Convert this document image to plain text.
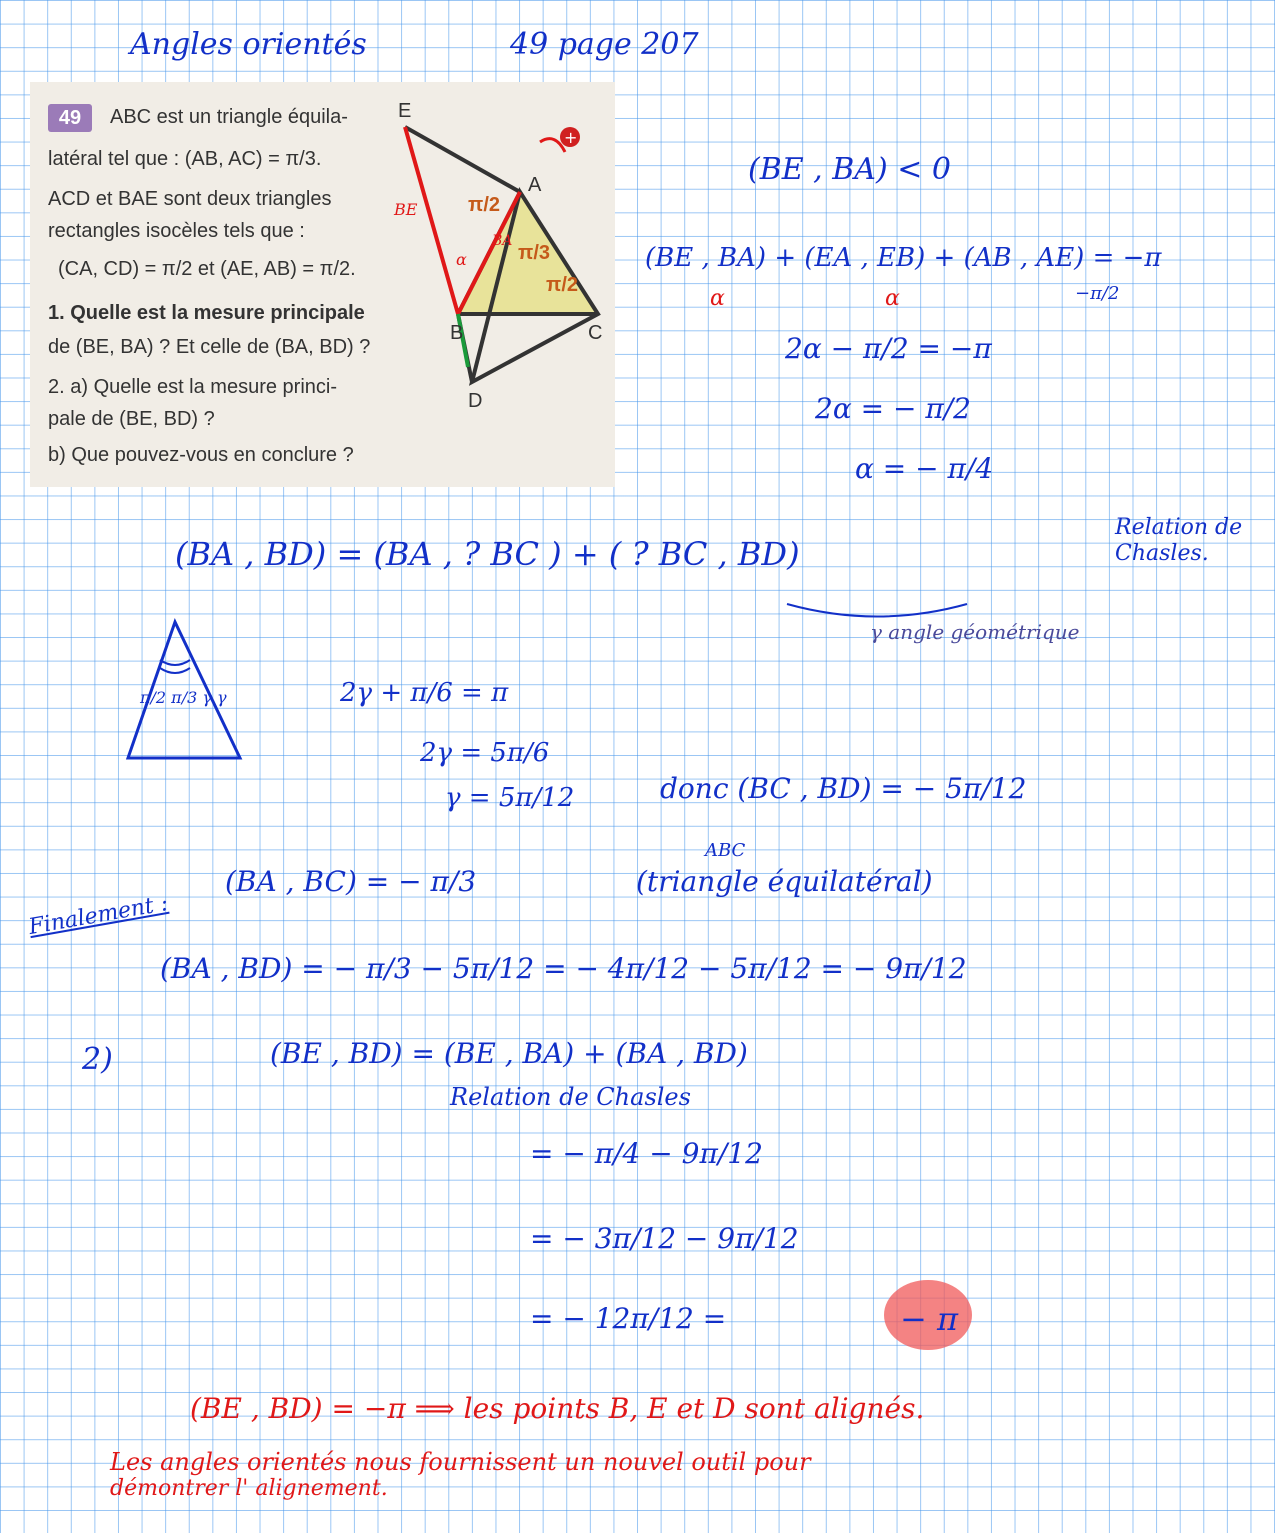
Angles orientés	49 page 207
49	ABC est un triangle équila-
latéral tel que : (AB, AC) = π/3.
ACD et BAE sont deux triangles
rectangles isocèles tels que :
(CA, CD) = π/2 et (AE, AB) = π/2.
1. Quelle est la mesure principale
de (BE, BA) ? Et celle de (BA, BD) ?
2. a) Quelle est la mesure princi-
pale de (BE, BD) ?
b) Que pouvez-vous en conclure ?
+
E
A
B	C
D
π/2
π/3
π/2
BE
BA
α
(BE , BA) < 0
(BE , BA) + (EA , EB) + (AB , AE) = −π
α	α	−π/2
2α − π/2 = −π
2α = − π/2
α = − π/4
(BA , BD) = (BA , ? BC ) + ( ? BC , BD)
Relation de Chasles.
γ angle géométrique
π/2 π/3 γ γ	2γ + π/6 = π
2γ = 5π/6
γ = 5π/12	donc (BC , BD) = − 5π/12
(BA , BC) = − π/3
ABC
(triangle équilatéral)
Finalement :
(BA , BD) = − π/3 − 5π/12 = − 4π/12 − 5π/12 = − 9π/12
2)	(BE , BD) = (BE , BA) + (BA , BD)
Relation de Chasles
= − π/4 − 9π/12
= − 3π/12 − 9π/12
= − 12π/12 =	− π
(BE , BD) = −π ⟹ les points B, E et D sont alignés.
Les angles orientés nous fournissent un nouvel outil pour
démontrer l' alignement.
